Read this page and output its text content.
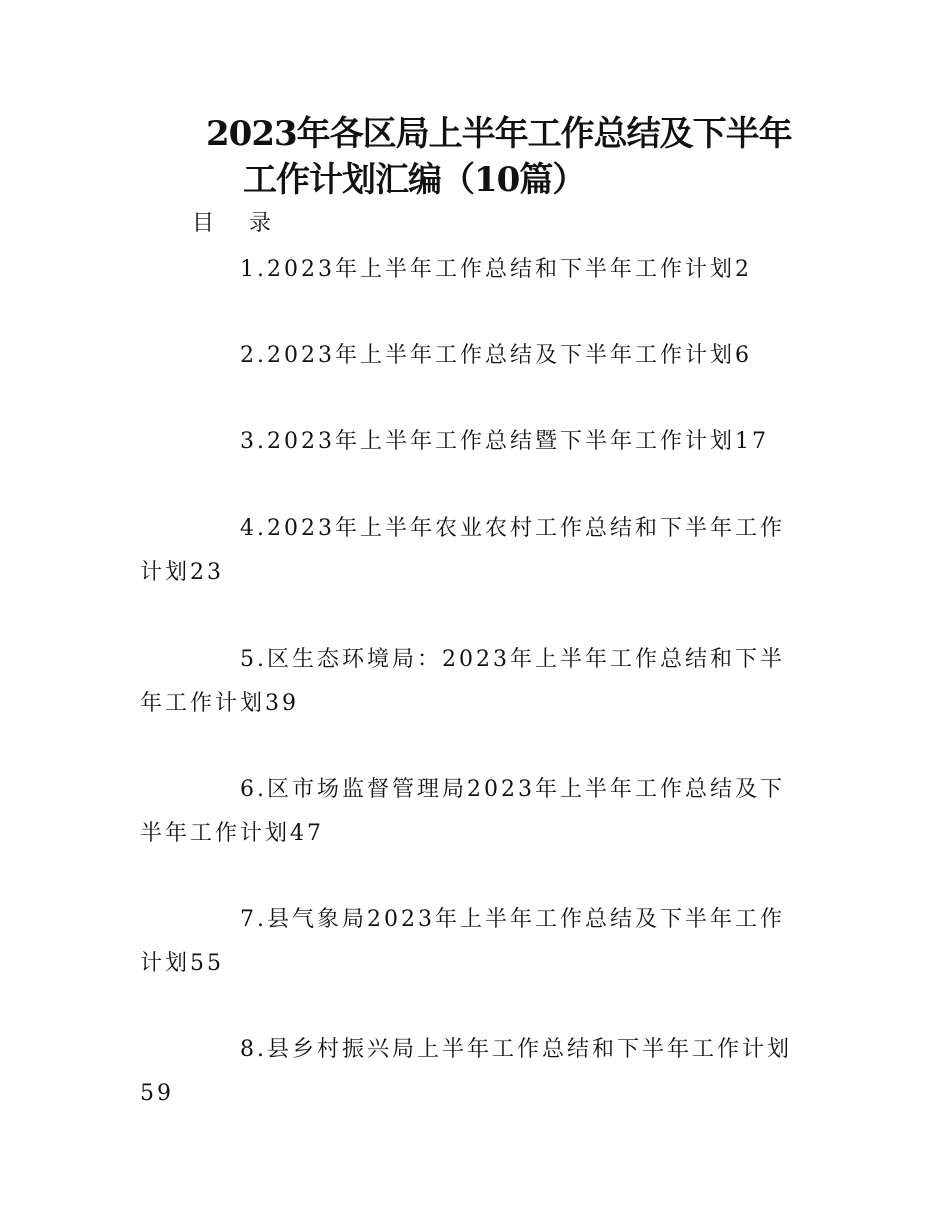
2023年各区局上半年工作总结及下半年
工作计划汇编（10篇）
目 录
1.2023年上半年工作总结和下半年工作计划2
2.2023年上半年工作总结及下半年工作计划6
3.2023年上半年工作总结暨下半年工作计划17
4.2023年上半年农业农村工作总结和下半年工作计划23
5.区生态环境局：2023年上半年工作总结和下半年工作计划39
6.区市场监督管理局2023年上半年工作总结及下半年工作计划47
7.县气象局2023年上半年工作总结及下半年工作计划55
8.县乡村振兴局上半年工作总结和下半年工作计划59
